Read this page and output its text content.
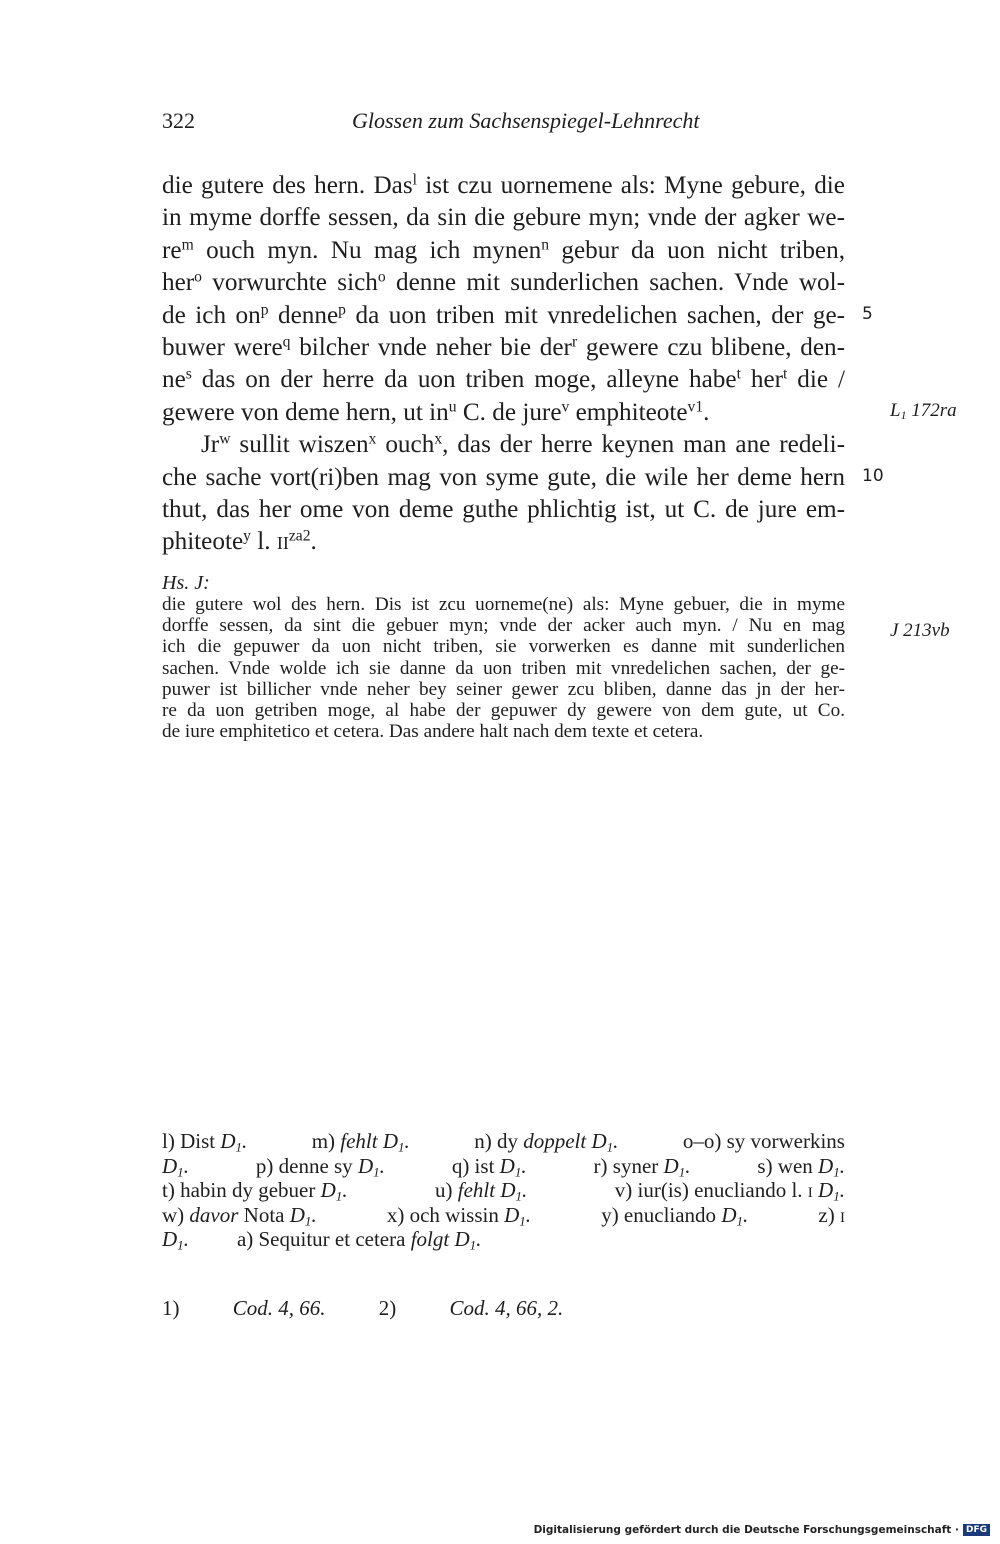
322	Glossen zum Sachsenspiegel-Lehnrecht

die gutere des hern. Das$^l$ ist czu uornemene als: Myne gebure, die
in myme dorffe sessen, da sin die gebure myn; vnde der agker we-
$re^m$ ouch myn. Nu mag ich mynen$^n$ gebur da uon nicht triben,
her$^o$ vorwurchte sich$^o$ denne mit sunderlichen sachen. Vnde wol-
de ich $on^p$ denne$^p$ da uon triben mit vnredelichen sachen, der ge-
buwer were$^q$ bilcher vnde neher bie der$^r$ gewere czu blibene, den-
$ne^s$ das on der herre da uon triben moge, alleyne habe$^t$ her$^t$ die /
gewere von deme hern, ut $in^u$ C. de jure$^v$ emphiteote$^{v1}$.

Jr$^w$ sullit wiszen$^x$ ouch$^x$, das der herre keynen man ane redeli-
che sache vort(ri)ben mag von syme gute, die wile her deme hern
thut, das her ome von deme guthe phlichtig ist, ut C. de jure em-
phiteote$^y$ l. $ii^{za2}$.

5
10
$L_1$ 172ra
J 213vb
Hs. J:
die gutere wol des hern. Dis ist zcu uorneme(ne) als: Myne gebuer, die in myme
dorffe sessen, da sint die gebuer myn; vnde der acker auch myn. / Nu en mag
ich die gepuwer da uon nicht triben, sie vorwerken es danne mit sunderlichen
sachen. Vnde wolde ich sie danne da uon triben mit vnredelichen sachen, der ge-
puwer ist billicher vnde neher bey seiner gewer zcu bliben, danne das jn der her-
re da uon getriben moge, al habe der gepuwer dy gewere von dem gute, ut Co.
de iure emphitetico et cetera. Das andere halt nach dem texte et cetera.
l) Dist $D_1$.	m) fehlt $D_1$.	n) dy doppelt $D_1$.	o–o) sy vorwerkins
$D_1$.	p) denne sy $D_1$.	q) ist $D_1$.	r) syner $D_1$.	s) wen $D_1$.
t) habin dy gebuer $D_1$.	u) fehlt $D_1$.	v) iur(is) enucliando l. i $D_1$.
w) davor Nota $D_1$.	x) och wissin $D_1$.	y) enucliando $D_1$.	z) i
$D_1$. a) Sequitur et cetera folgt $D_1$.
1) Cod. 4, 66.	2) Cod. 4, 66, 2.
Digitalisierung gefördert durch die Deutsche Forschungsgemeinschaft · DFG
